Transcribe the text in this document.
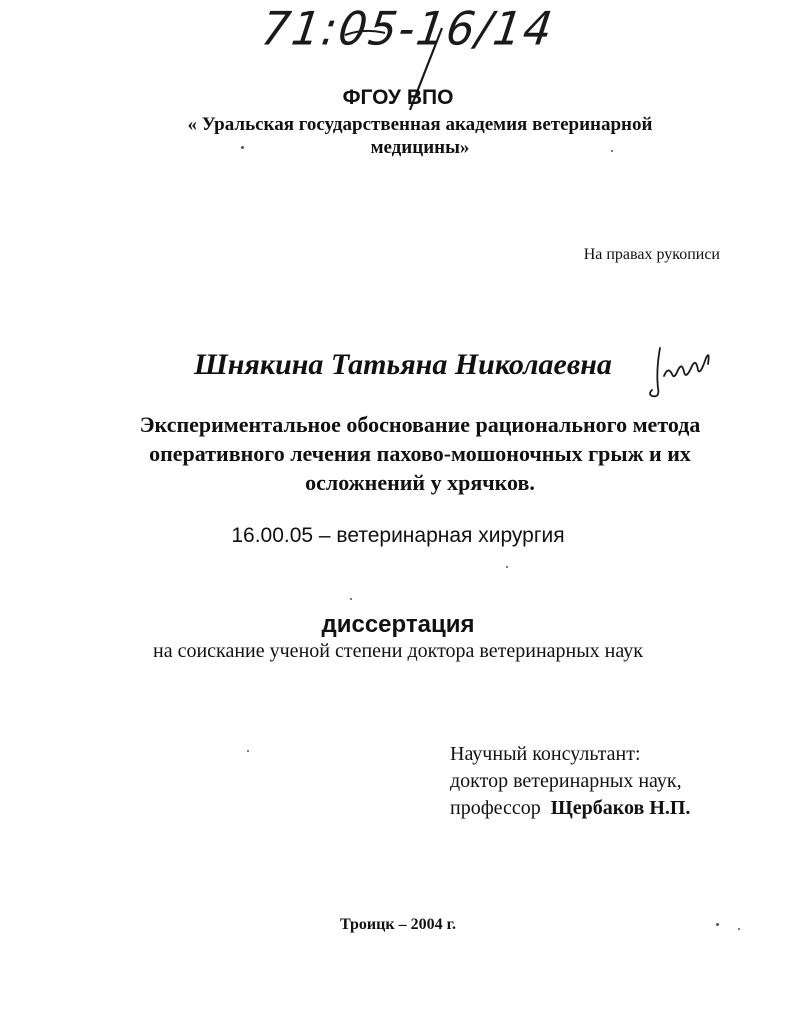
71:05-16/14
ФГОУ ВПО
« Уральская государственная академия ветеринарной медицины»
На правах рукописи
Шнякина Татьяна Николаевна
Экспериментальное обоснование рационального метода оперативного лечения пахово-мошоночных грыж и их осложнений у хрячков.
16.00.05 – ветеринарная хирургия
диссертация
на соискание ученой степени доктора ветеринарных наук
Научный консультант:
доктор ветеринарных наук,
профессор Щербаков Н.П.
Троицк – 2004 г.
